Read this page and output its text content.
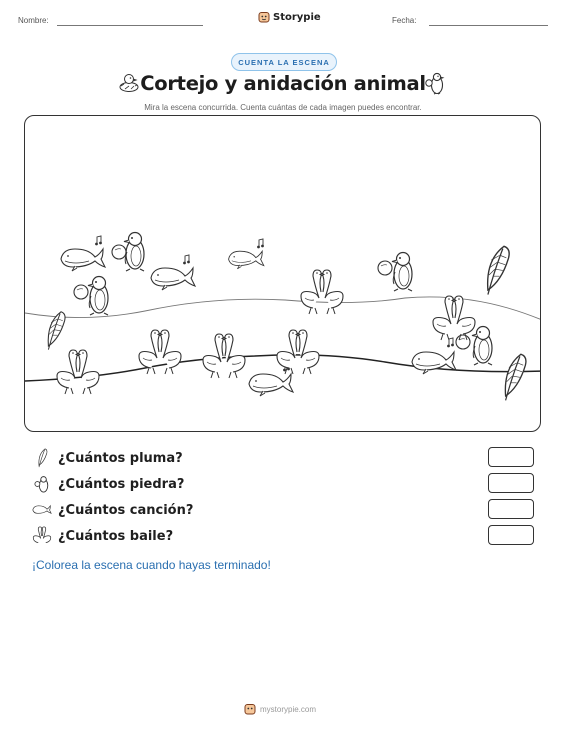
Nombre:	Storypie	Fecha:
CUENTA LA ESCENA
Cortejo y anidación animal
Mira la escena concurrida. Cuenta cuántas de cada imagen puedes encontrar.
¿Cuántos pluma?
¿Cuántos piedra?
¿Cuántos canción?
¿Cuántos baile?
¡Colorea la escena cuando hayas terminado!
mystorypie.com
